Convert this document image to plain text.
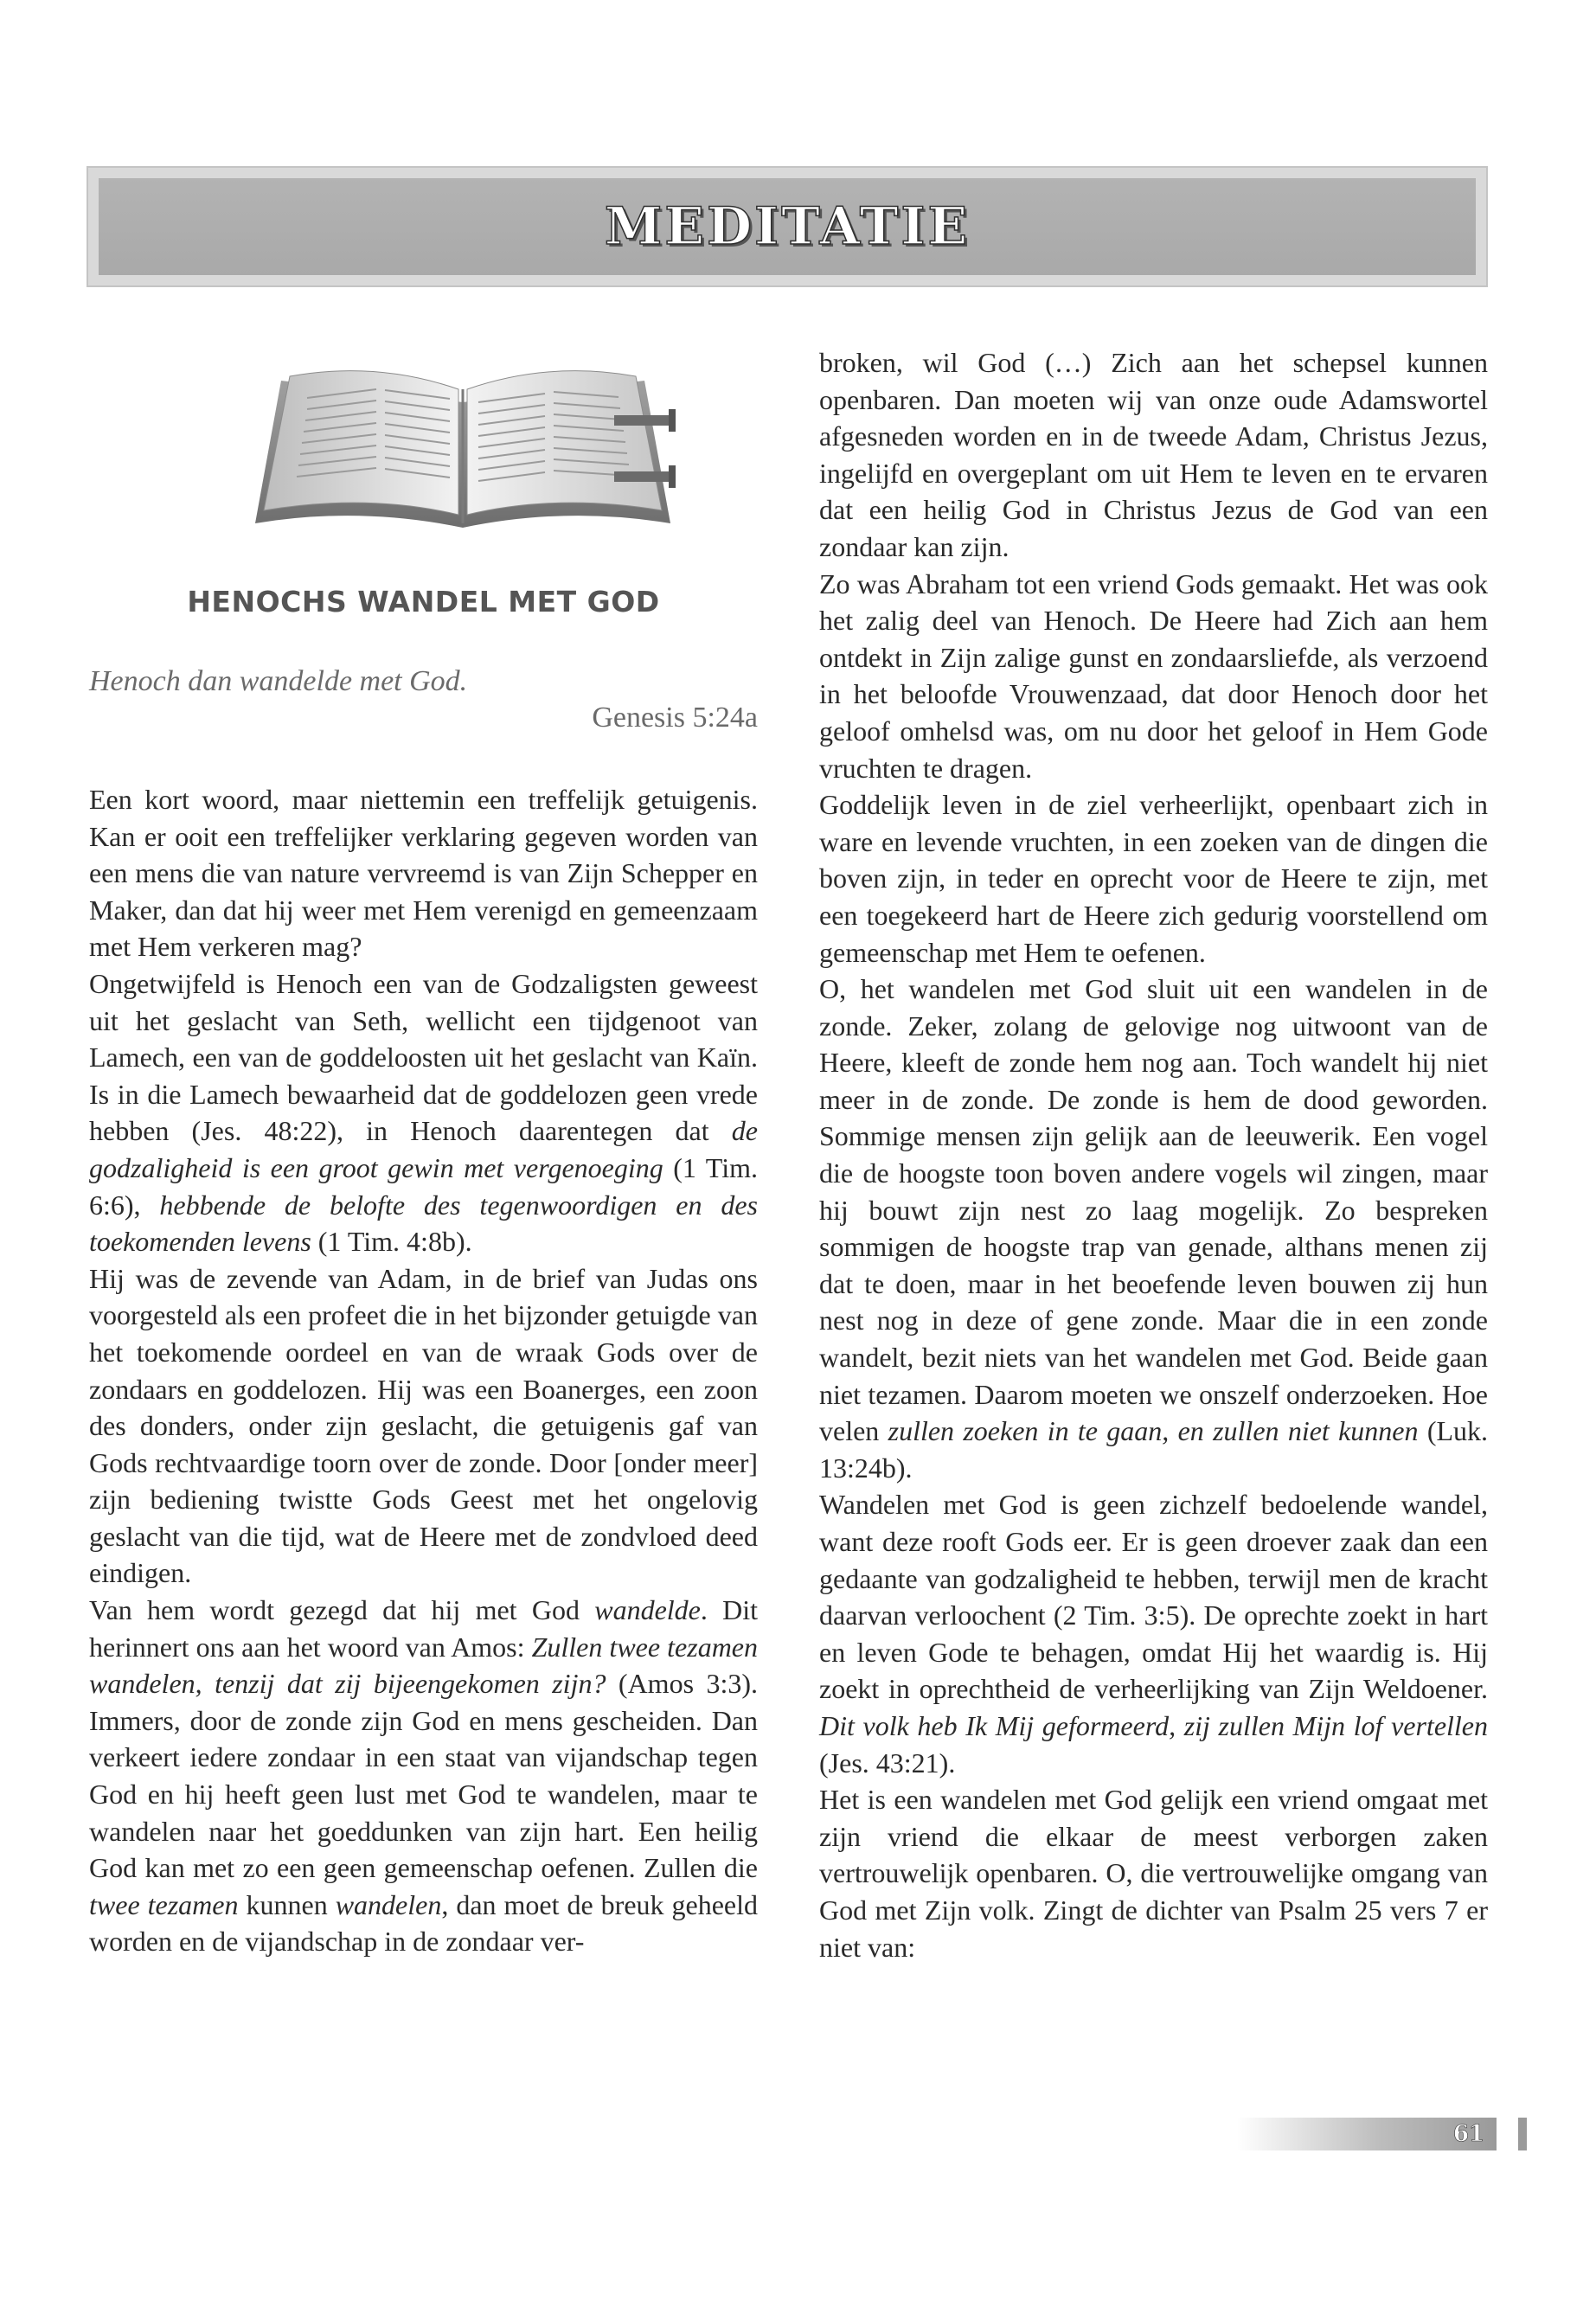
MEDITATIE
HENOCHS WANDEL MET GOD
Henoch dan wandelde met God.
Genesis 5:24a

Een kort woord, maar niettemin een treffelijk getuigenis. Kan er ooit een treffelijker verklaring gegeven worden van een mens die van nature vervreemd is van Zijn Schepper en Maker, dan dat hij weer met Hem verenigd en gemeenzaam met Hem verkeren mag?

Ongetwijfeld is Henoch een van de Godzaligsten geweest uit het geslacht van Seth, wellicht een tijdgenoot van Lamech, een van de goddeloosten uit het geslacht van Kaïn. Is in die Lamech bewaarheid dat de goddelozen geen vrede hebben (Jes. 48:22), in Henoch daarentegen dat de godzaligheid is een groot gewin met vergenoeging (1 Tim. 6:6), hebbende de belofte des tegenwoordigen en des toekomenden levens (1 Tim. 4:8b).

Hij was de zevende van Adam, in de brief van Judas ons voorgesteld als een profeet die in het bijzonder getuigde van het toekomende oordeel en van de wraak Gods over de zondaars en goddelozen. Hij was een Boanerges, een zoon des donders, onder zijn geslacht, die getuigenis gaf van Gods rechtvaardige toorn over de zonde. Door [onder meer] zijn bediening twistte Gods Geest met het ongelovig geslacht van die tijd, wat de Heere met de zondvloed deed eindigen.

Van hem wordt gezegd dat hij met God wandelde. Dit herinnert ons aan het woord van Amos: Zullen twee tezamen wandelen, tenzij dat zij bijeengekomen zijn? (Amos 3:3). Immers, door de zonde zijn God en mens gescheiden. Dan verkeert iedere zondaar in een staat van vijandschap tegen God en hij heeft geen lust met God te wandelen, maar te wandelen naar het goeddunken van zijn hart. Een heilig God kan met zo een geen gemeenschap oefenen. Zullen die twee tezamen kunnen wandelen, dan moet de breuk geheeld worden en de vijandschap in de zondaar ver-

broken, wil God (…) Zich aan het schepsel kunnen openbaren. Dan moeten wij van onze oude Adamswortel afgesneden worden en in de tweede Adam, Christus Jezus, ingelijfd en overgeplant om uit Hem te leven en te ervaren dat een heilig God in Christus Jezus de God van een zondaar kan zijn.

Zo was Abraham tot een vriend Gods gemaakt. Het was ook het zalig deel van Henoch. De Heere had Zich aan hem ontdekt in Zijn zalige gunst en zondaarsliefde, als verzoend in het beloofde Vrouwenzaad, dat door Henoch door het geloof omhelsd was, om nu door het geloof in Hem Gode vruchten te dragen.

Goddelijk leven in de ziel verheerlijkt, openbaart zich in ware en levende vruchten, in een zoeken van de dingen die boven zijn, in teder en oprecht voor de Heere te zijn, met een toegekeerd hart de Heere zich gedurig voorstellend om gemeenschap met Hem te oefenen.

O, het wandelen met God sluit uit een wandelen in de zonde. Zeker, zolang de gelovige nog uitwoont van de Heere, kleeft de zonde hem nog aan. Toch wandelt hij niet meer in de zonde. De zonde is hem de dood geworden. Sommige mensen zijn gelijk aan de leeuwerik. Een vogel die de hoogste toon boven andere vogels wil zingen, maar hij bouwt zijn nest zo laag mogelijk. Zo bespreken sommigen de hoogste trap van genade, althans menen zij dat te doen, maar in het beoefende leven bouwen zij hun nest nog in deze of gene zonde. Maar die in een zonde wandelt, bezit niets van het wandelen met God. Beide gaan niet tezamen. Daarom moeten we onszelf onderzoeken. Hoe velen zullen zoeken in te gaan, en zullen niet kunnen (Luk. 13:24b).

Wandelen met God is geen zichzelf bedoelende wandel, want deze rooft Gods eer. Er is geen droever zaak dan een gedaante van godzaligheid te hebben, terwijl men de kracht daarvan verloochent (2 Tim. 3:5). De oprechte zoekt in hart en leven Gode te behagen, omdat Hij het waardig is. Hij zoekt in oprechtheid de verheerlijking van Zijn Weldoener. Dit volk heb Ik Mij geformeerd, zij zullen Mijn lof vertellen (Jes. 43:21).

Het is een wandelen met God gelijk een vriend omgaat met zijn vriend die elkaar de meest verborgen zaken vertrouwelijk openbaren. O, die vertrouwelijke omgang van God met Zijn volk. Zingt de dichter van Psalm 25 vers 7 er niet van:

61
